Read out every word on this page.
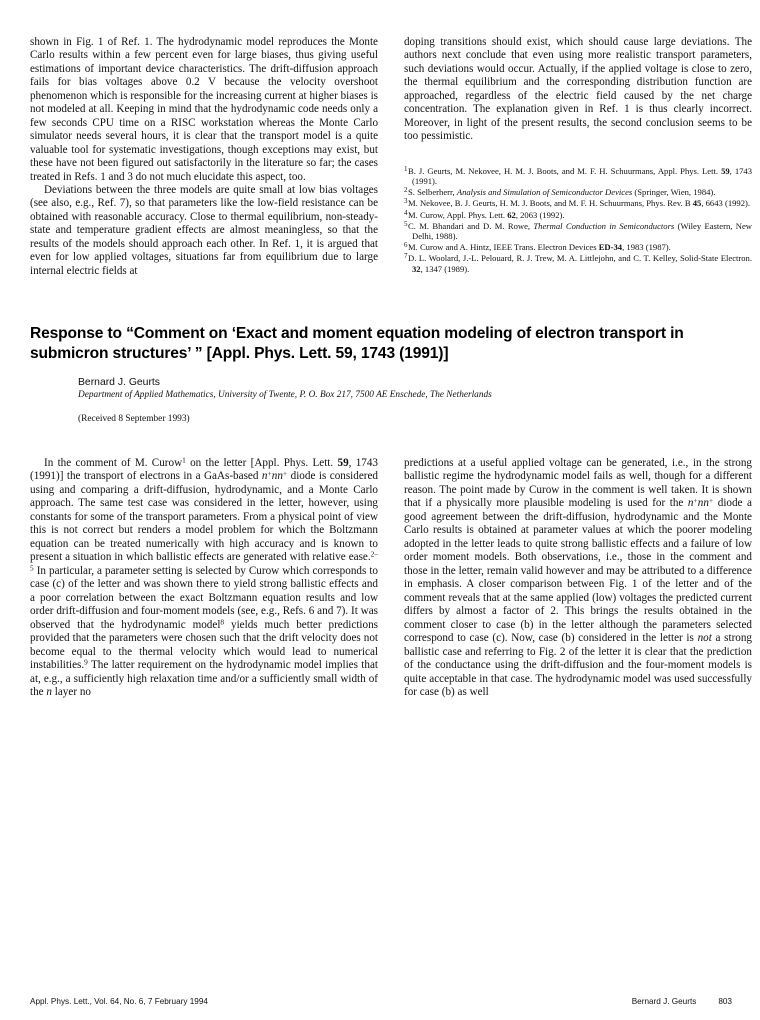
shown in Fig. 1 of Ref. 1. The hydrodynamic model reproduces the Monte Carlo results within a few percent even for large biases, thus giving useful estimations of important device characteristics. The drift-diffusion approach fails for bias voltages above 0.2 V because the velocity overshoot phenomenon which is responsible for the increasing current at higher biases is not modeled at all. Keeping in mind that the hydrodynamic code needs only a few seconds CPU time on a RISC workstation whereas the Monte Carlo simulator needs several hours, it is clear that the transport model is a quite valuable tool for systematic investigations, though exceptions may exist, but these have not been figured out satisfactorily in the literature so far; the cases treated in Refs. 1 and 3 do not much elucidate this aspect, too.

Deviations between the three models are quite small at low bias voltages (see also, e.g., Ref. 7), so that parameters like the low-field resistance can be obtained with reasonable accuracy. Close to thermal equilibrium, non-steady-state and temperature gradient effects are almost meaningless, so that the results of the models should approach each other. In Ref. 1, it is argued that even for low applied voltages, situations far from equilibrium due to large internal electric fields at

doping transitions should exist, which should cause large deviations. The authors next conclude that even using more realistic transport parameters, such deviations would occur. Actually, if the applied voltage is close to zero, the thermal equilibrium and the corresponding distribution function are approached, regardless of the electric field caused by the net charge concentration. The explanation given in Ref. 1 is thus clearly incorrect. Moreover, in light of the present results, the second conclusion seems to be too pessimistic.

$^1$B. J. Geurts, M. Nekovee, H. M. J. Boots, and M. F. H. Schuurmans, Appl. Phys. Lett. 59, 1743 (1991).

$^2$S. Selberherr, Analysis and Simulation of Semiconductor Devices (Springer, Wien, 1984).

$^3$M. Nekovee, B. J. Geurts, H. M. J. Boots, and M. F. H. Schuurmans, Phys. Rev. B 45, 6643 (1992).

$^4$M. Curow, Appl. Phys. Lett. 62, 2063 (1992).

$^5$C. M. Bhandari and D. M. Rowe, Thermal Conduction in Semiconductors (Wiley Eastern, New Delhi, 1988).

$^6$M. Curow and A. Hintz, IEEE Trans. Electron Devices ED-34, 1983 (1987).

$^7$D. L. Woolard, J.-L. Pelouard, R. J. Trew, M. A. Littlejohn, and C. T. Kelley, Solid-State Electron. 32, 1347 (1989).

Response to “Comment on ‘Exact and moment equation modeling of electron transport in submicron structures’ ” [Appl. Phys. Lett. 59, 1743 (1991)]

Bernard J. Geurts

Department of Applied Mathematics, University of Twente, P. O. Box 217, 7500 AE Enschede, The Netherlands

(Received 8 September 1993)

In the comment of M. Curow$^1$ on the letter [Appl. Phys. Lett. 59, 1743 (1991)] the transport of electrons in a GaAs-based n+nn+ diode is considered using and comparing a drift-diffusion, hydrodynamic, and a Monte Carlo approach. The same test case was considered in the letter, however, using constants for some of the transport parameters. From a physical point of view this is not correct but renders a model problem for which the Boltzmann equation can be treated numerically with high accuracy and is known to present a situation in which ballistic effects are generated with relative ease.$^{2-5}$ In particular, a parameter setting is selected by Curow which corresponds to case (c) of the letter and was shown there to yield strong ballistic effects and a poor correlation between the exact Boltzmann equation results and low order drift-diffusion and four-moment models (see, e.g., Refs. 6 and 7). It was observed that the hydrodynamic model$^8$ yields much better predictions provided that the parameters were chosen such that the drift velocity does not become equal to the thermal velocity which would lead to numerical instabilities.$^9$ The latter requirement on the hydrodynamic model implies that at, e.g., a sufficiently high relaxation time and/or a sufficiently small width of the n layer no

predictions at a useful applied voltage can be generated, i.e., in the strong ballistic regime the hydrodynamic model fails as well, though for a different reason. The point made by Curow in the comment is well taken. It is shown that if a physically more plausible modeling is used for the n+nn+ diode a good agreement between the drift-diffusion, hydrodynamic and the Monte Carlo results is obtained at parameter values at which the poorer modeling adopted in the letter leads to quite strong ballistic effects and a failure of low order moment models. Both observations, i.e., those in the comment and those in the letter, remain valid however and may be attributed to a difference in emphasis. A closer comparison between Fig. 1 of the letter and of the comment reveals that at the same applied (low) voltages the predicted current differs by almost a factor of 2. This brings the results obtained in the comment closer to case (b) in the letter although the parameters selected correspond to case (c). Now, case (b) considered in the letter is not a strong ballistic case and referring to Fig. 2 of the letter it is clear that the prediction of the conductance using the drift-diffusion and the four-moment models is quite acceptable in that case. The hydrodynamic model was used successfully for case (b) as well

Appl. Phys. Lett., Vol. 64, No. 6, 7 February 1994	Bernard J. Geurts	803
